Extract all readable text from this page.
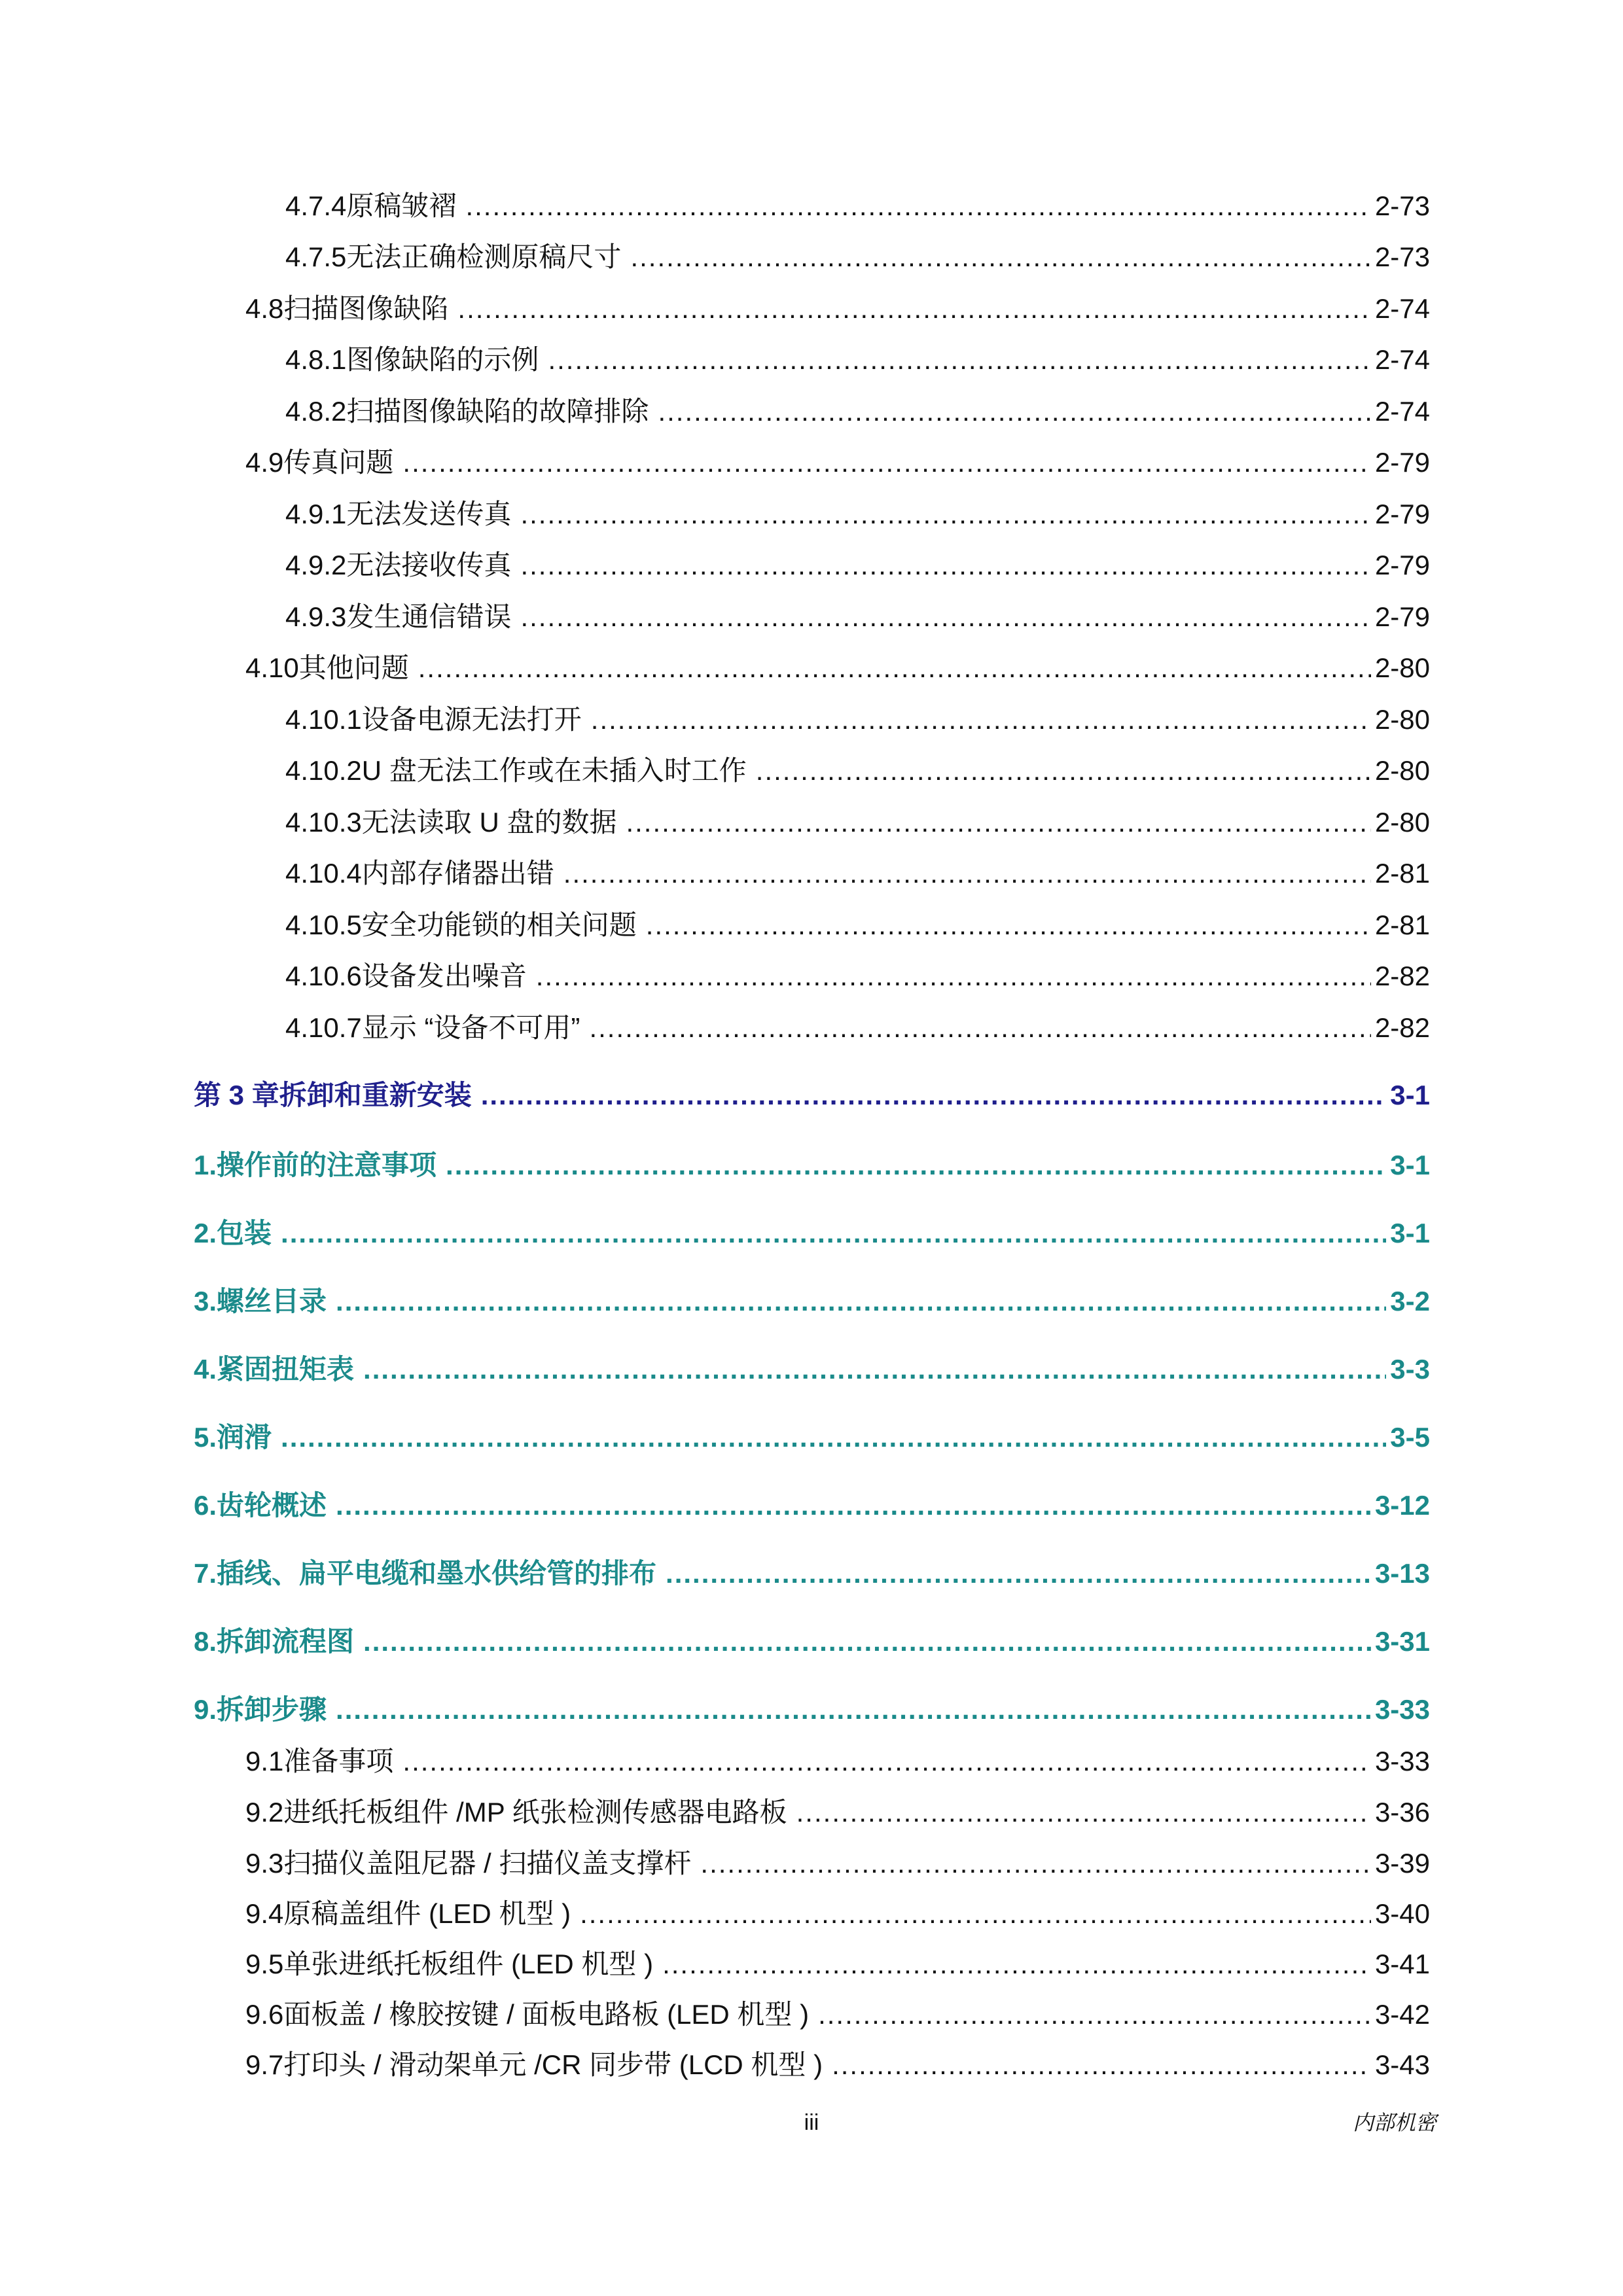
4.7.4 原稿皱褶 .....	2-73
4.7.5 无法正确检测原稿尺寸 .....	2-73
4.8 扫描图像缺陷 .....	2-74
4.8.1 图像缺陷的示例 .....	2-74
4.8.2 扫描图像缺陷的故障排除 .....	2-74
4.9 传真问题 .....	2-79
4.9.1 无法发送传真 .....	2-79
4.9.2 无法接收传真 .....	2-79
4.9.3 发生通信错误 .....	2-79
4.10 其他问题 .....	2-80
4.10.1 设备电源无法打开 .....	2-80
4.10.2 U 盘无法工作或在未插入时工作 .....	2-80
4.10.3 无法读取 U 盘的数据 .....	2-80
4.10.4 内部存储器出错 .....	2-81
4.10.5 安全功能锁的相关问题 .....	2-81
4.10.6 设备发出噪音 .....	2-82
4.10.7 显示 “设备不可用” .....	2-82
第 3 章 拆卸和重新安装 .....	3-1
1. 操作前的注意事项 .....	3-1
2. 包装 .....	3-1
3. 螺丝目录 .....	3-2
4. 紧固扭矩表 .....	3-3
5. 润滑 .....	3-5
6. 齿轮概述 .....	3-12
7. 插线、扁平电缆和墨水供给管的排布 .....	3-13
8. 拆卸流程图 .....	3-31
9. 拆卸步骤 .....	3-33
9.1 准备事项 .....	3-33
9.2 进纸托板组件 /MP 纸张检测传感器电路板 .....	3-36
9.3 扫描仪盖阻尼器 / 扫描仪盖支撑杆 .....	3-39
9.4 原稿盖组件 (LED 机型 ) .....	3-40
9.5 单张进纸托板组件 (LED 机型 ) .....	3-41
9.6 面板盖 / 橡胶按键 / 面板电路板 (LED 机型 ) .....	3-42
9.7 打印头 / 滑动架单元 /CR 同步带 (LCD 机型 ) .....	3-43
iii	内部机密
